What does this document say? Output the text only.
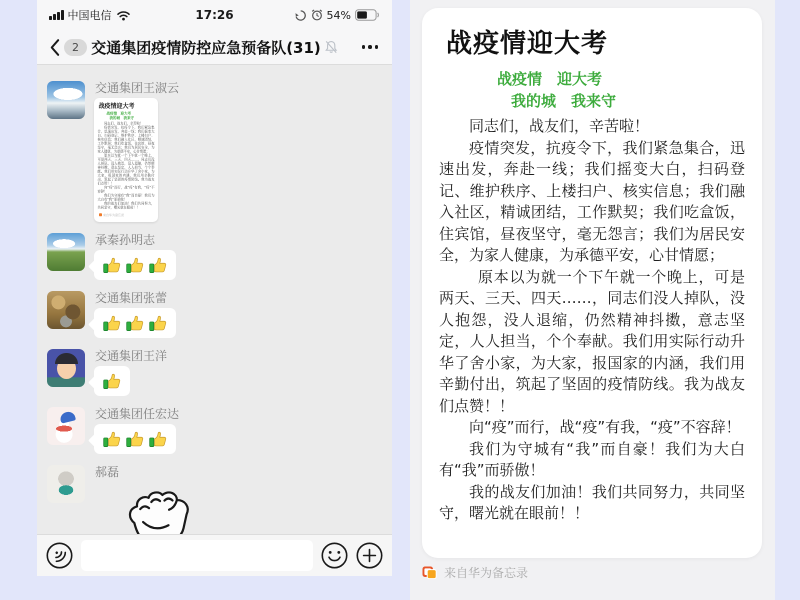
中国电信	17:26	54%
2 交通集团疫情防控应急预备队(31)
交通集团王淑云
战疫情迎大考
战疫情　迎大考
我的城　我来守

同志们，战友们，辛苦啦！

疫情突发，抗疫令下，我们紧急集合，迅速出发，奔赴一线；我们摇变大白，扫码登记、维护秩序、上楼扫户、核实信息；我们融入社区，精诚团结，工作默契；我们吃盒饭，住宾馆，昼夜坚守，毫无怨言；我们为居民安全，为家人健康，为承德平安，心甘情愿；

原本以为就一个下午就一个晚上，可是两天、三天、四天……，同志们没人掉队，没人抱怨，没人退缩，仍然精神抖擞，意志坚定，人人担当，个个奉献。我们用实际行动升华了舍小家，为大家，报国家的内涵，我们用辛勤付出，筑起了坚固的疫情防线。我为战友们点赞！！

向“疫”而行，战“疫”有我，“疫”不容辞！

我们为守城有“我”而自豪！我们为大白有“我”而骄傲！

我的战友们加油！我们共同努力，共同坚守，曙光就在眼前！！

来自华为备忘录
承秦孙明志
交通集团张蕾
交通集团王洋
交通集团任宏达
郝磊
战疫情迎大考
战疫情　迎大考
我的城　我来守

同志们，战友们，辛苦啦！

疫情突发，抗疫令下，我们紧急集合，迅速出发，奔赴一线；我们摇变大白，扫码登记、维护秩序、上楼扫户、核实信息；我们融入社区，精诚团结，工作默契；我们吃盒饭，住宾馆，昼夜坚守，毫无怨言；我们为居民安全，为家人健康，为承德平安，心甘情愿；

原本以为就一个下午就一个晚上，可是两天、三天、四天……，同志们没人掉队，没人抱怨，没人退缩，仍然精神抖擞，意志坚定，人人担当，个个奉献。我们用实际行动升华了舍小家，为大家，报国家的内涵，我们用辛勤付出，筑起了坚固的疫情防线。我为战友们点赞！！

向“疫”而行，战“疫”有我，“疫”不容辞！

我们为守城有“我”而自豪！我们为大白有“我”而骄傲！

我的战友们加油！我们共同努力，共同坚守，曙光就在眼前！！

来自华为备忘录
